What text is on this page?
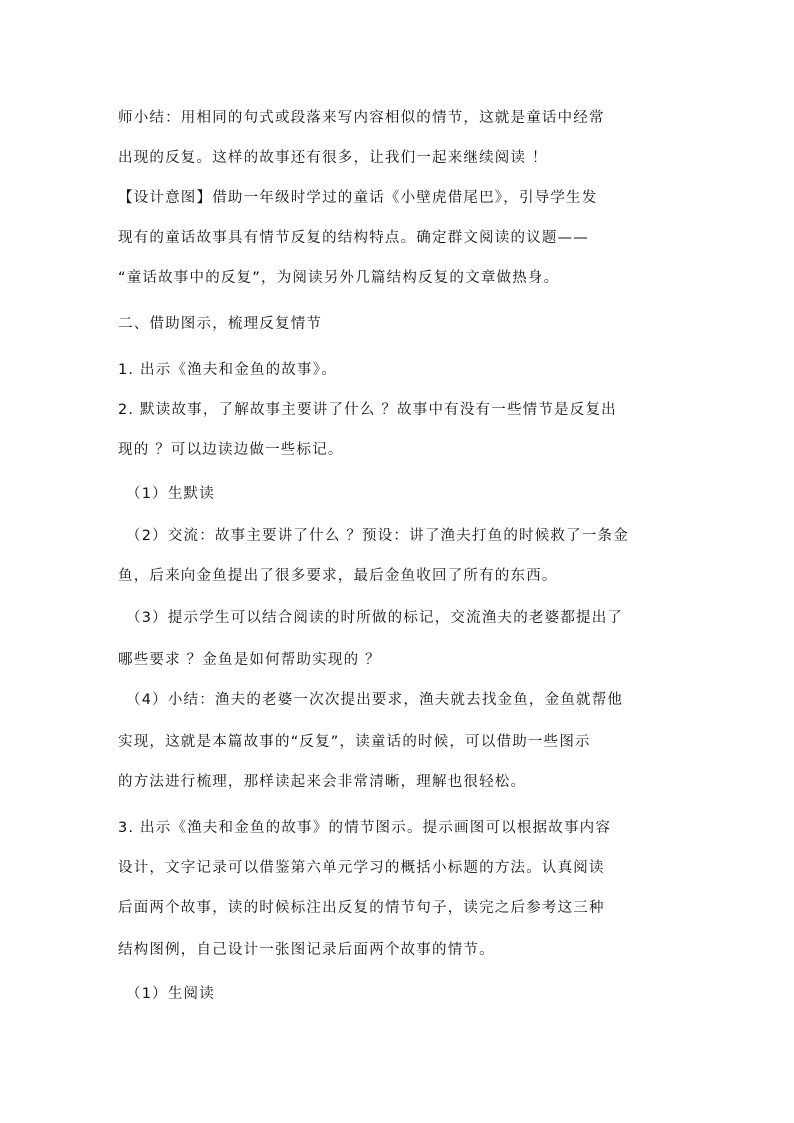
师小结：用相同的句式或段落来写内容相似的情节，这就是童话中经常
出现的反复。这样的故事还有很多，让我们一起来继续阅读 ！
【设计意图】借助一年级时学过的童话《小壁虎借尾巴》，引导学生发
现有的童话故事具有情节反复的结构特点。确定群文阅读的议题——
“童话故事中的反复”，为阅读另外几篇结构反复的文章做热身。
二、借助图示，梳理反复情节
1. 出示《渔夫和金鱼的故事》。
2. 默读故事，了解故事主要讲了什么 ？故事中有没有一些情节是反复出
现的 ？可以边读边做一些标记。
（1）生默读
（2）交流：故事主要讲了什么 ？预设：讲了渔夫打鱼的时候救了一条金
鱼，后来向金鱼提出了很多要求，最后金鱼收回了所有的东西。
（3）提示学生可以结合阅读的时所做的标记，交流渔夫的老婆都提出了
哪些要求 ？金鱼是如何帮助实现的 ？
（4）小结：渔夫的老婆一次次提出要求，渔夫就去找金鱼，金鱼就帮他
实现，这就是本篇故事的“反复”，读童话的时候，可以借助一些图示
的方法进行梳理，那样读起来会非常清晰，理解也很轻松。
3. 出示《渔夫和金鱼的故事》的情节图示。提示画图可以根据故事内容
设计，文字记录可以借鉴第六单元学习的概括小标题的方法。认真阅读
后面两个故事，读的时候标注出反复的情节句子，读完之后参考这三种
结构图例，自己设计一张图记录后面两个故事的情节。
（1）生阅读
